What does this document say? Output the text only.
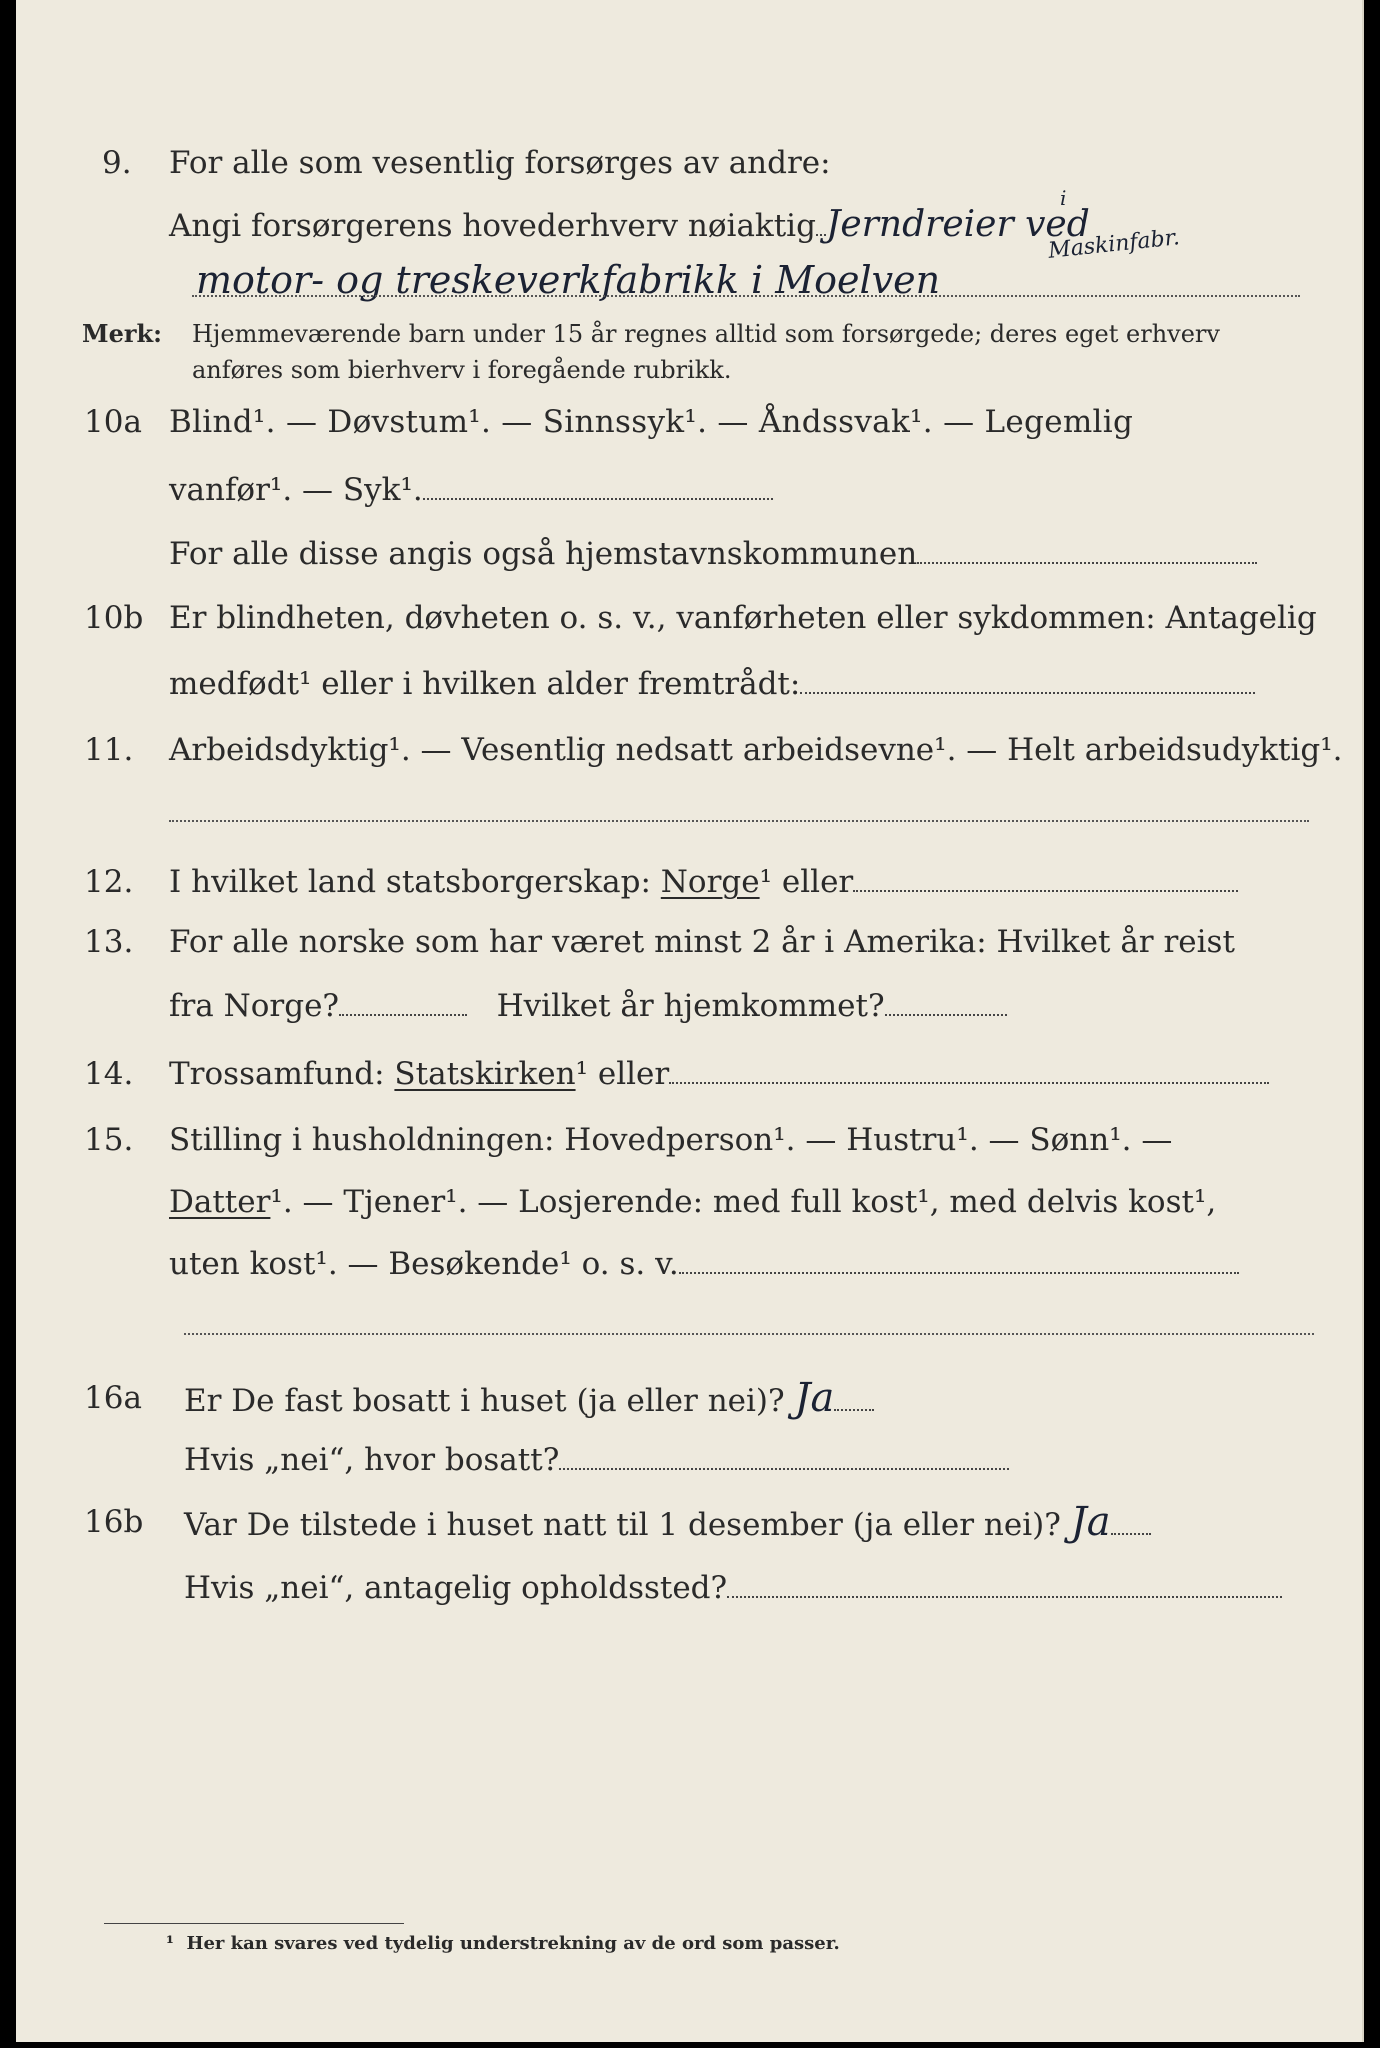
9. For alle som vesentlig forsørges av andre:
Angi forsørgerens hovederhverv nøiaktig Jerndreier ved
i
Maskinfabr.
motor- og treskeverkfabrikk i Moelven
Merk: Hjemmeværende barn under 15 år regnes alltid som forsørgede; deres eget erhverv
anføres som bierhverv i foregående rubrikk.
10a Blind¹. — Døvstum¹. — Sinnssyk¹. — Åndssvak¹. — Legemlig
vanfør¹. — Syk¹.
For alle disse angis også hjemstavnskommunen
10b Er blindheten, døvheten o. s. v., vanførheten eller sykdommen: Antagelig
medfødt¹ eller i hvilken alder fremtrådt:
11. Arbeidsdyktig¹. — Vesentlig nedsatt arbeidsevne¹. — Helt arbeidsudyktig¹.
12. I hvilket land statsborgerskap: Norge¹ eller
13. For alle norske som har været minst 2 år i Amerika: Hvilket år reist
fra Norge?	Hvilket år hjemkommet?
14. Trossamfund: Statskirken¹ eller
15. Stilling i husholdningen: Hovedperson¹. — Hustru¹. — Sønn¹. —
Datter¹. — Tjener¹. — Losjerende: med full kost¹, med delvis kost¹,
uten kost¹. — Besøkende¹ o. s. v.
16a Er De fast bosatt i huset (ja eller nei)? Ja
Hvis „nei“, hvor bosatt?
16b Var De tilstede i huset natt til 1 desember (ja eller nei)? Ja
Hvis „nei“, antagelig opholdssted?
¹ Her kan svares ved tydelig understrekning av de ord som passer.
